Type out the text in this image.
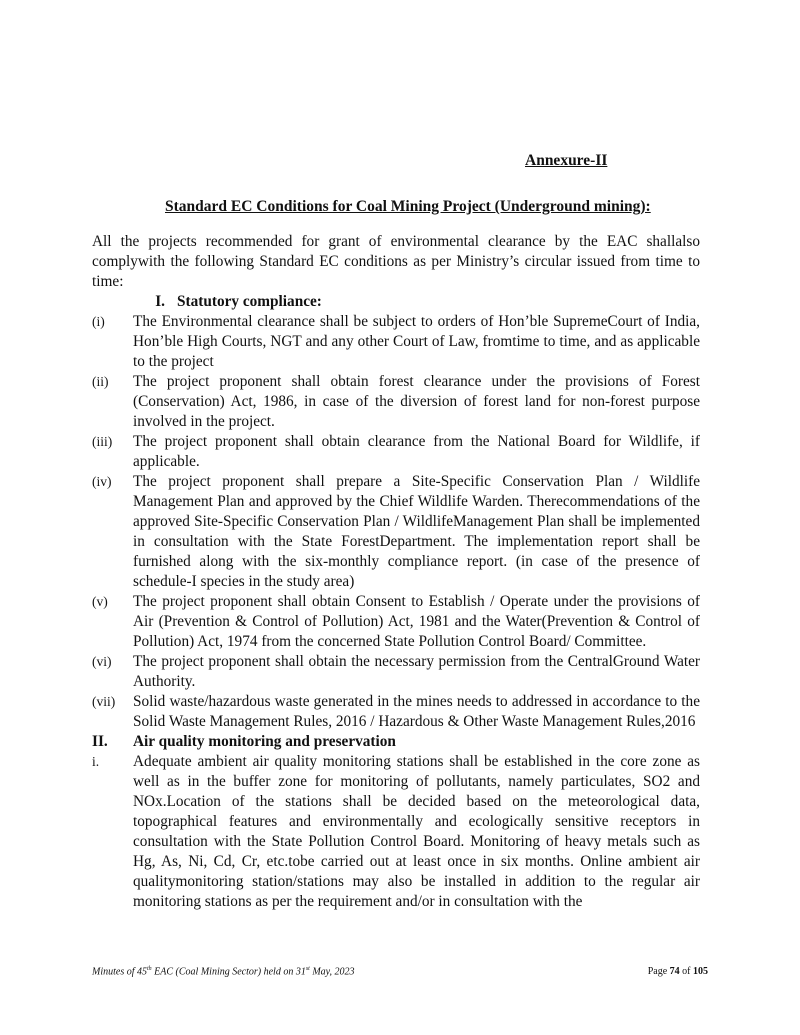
Annexure-II
Standard EC Conditions for Coal Mining Project (Underground mining):

All the projects recommended for grant of environmental clearance by the EAC shallalso complywith the following Standard EC conditions as per Ministry’s circular issued from time to time:

I. Statutory compliance:
(i)	The Environmental clearance shall be subject to orders of Hon’ble SupremeCourt of India, Hon’ble High Courts, NGT and any other Court of Law, fromtime to time, and as applicable to the project
(ii)	The project proponent shall obtain forest clearance under the provisions of Forest (Conservation) Act, 1986, in case of the diversion of forest land for non-forest purpose involved in the project.
(iii)	The project proponent shall obtain clearance from the National Board for Wildlife, if applicable.
(iv)	The project proponent shall prepare a Site-Specific Conservation Plan / Wildlife Management Plan and approved by the Chief Wildlife Warden. Therecommendations of the approved Site-Specific Conservation Plan / WildlifeManagement Plan shall be implemented in consultation with the State ForestDepartment. The implementation report shall be furnished along with the six-monthly compliance report. (in case of the presence of schedule-I species in the study area)
(v)	The project proponent shall obtain Consent to Establish / Operate under the provisions of Air (Prevention & Control of Pollution) Act, 1981 and the Water(Prevention & Control of Pollution) Act, 1974 from the concerned State Pollution Control Board/ Committee.
(vi)	The project proponent shall obtain the necessary permission from the CentralGround Water Authority.
(vii)	Solid waste/hazardous waste generated in the mines needs to addressed in accordance to the Solid Waste Management Rules, 2016 / Hazardous & Other Waste Management Rules,2016
II.	Air quality monitoring and preservation
i.	Adequate ambient air quality monitoring stations shall be established in the core zone as well as in the buffer zone for monitoring of pollutants, namely particulates, SO2 and NOx.Location of the stations shall be decided based on the meteorological data, topographical features and environmentally and ecologically sensitive receptors in consultation with the State Pollution Control Board. Monitoring of heavy metals such as Hg, As, Ni, Cd, Cr, etc.tobe carried out at least once in six months. Online ambient air qualitymonitoring station/stations may also be installed in addition to the regular air monitoring stations as per the requirement and/or in consultation with the
Minutes of 45th EAC (Coal Mining Sector) held on 31st May, 2023	Page 74 of 105
